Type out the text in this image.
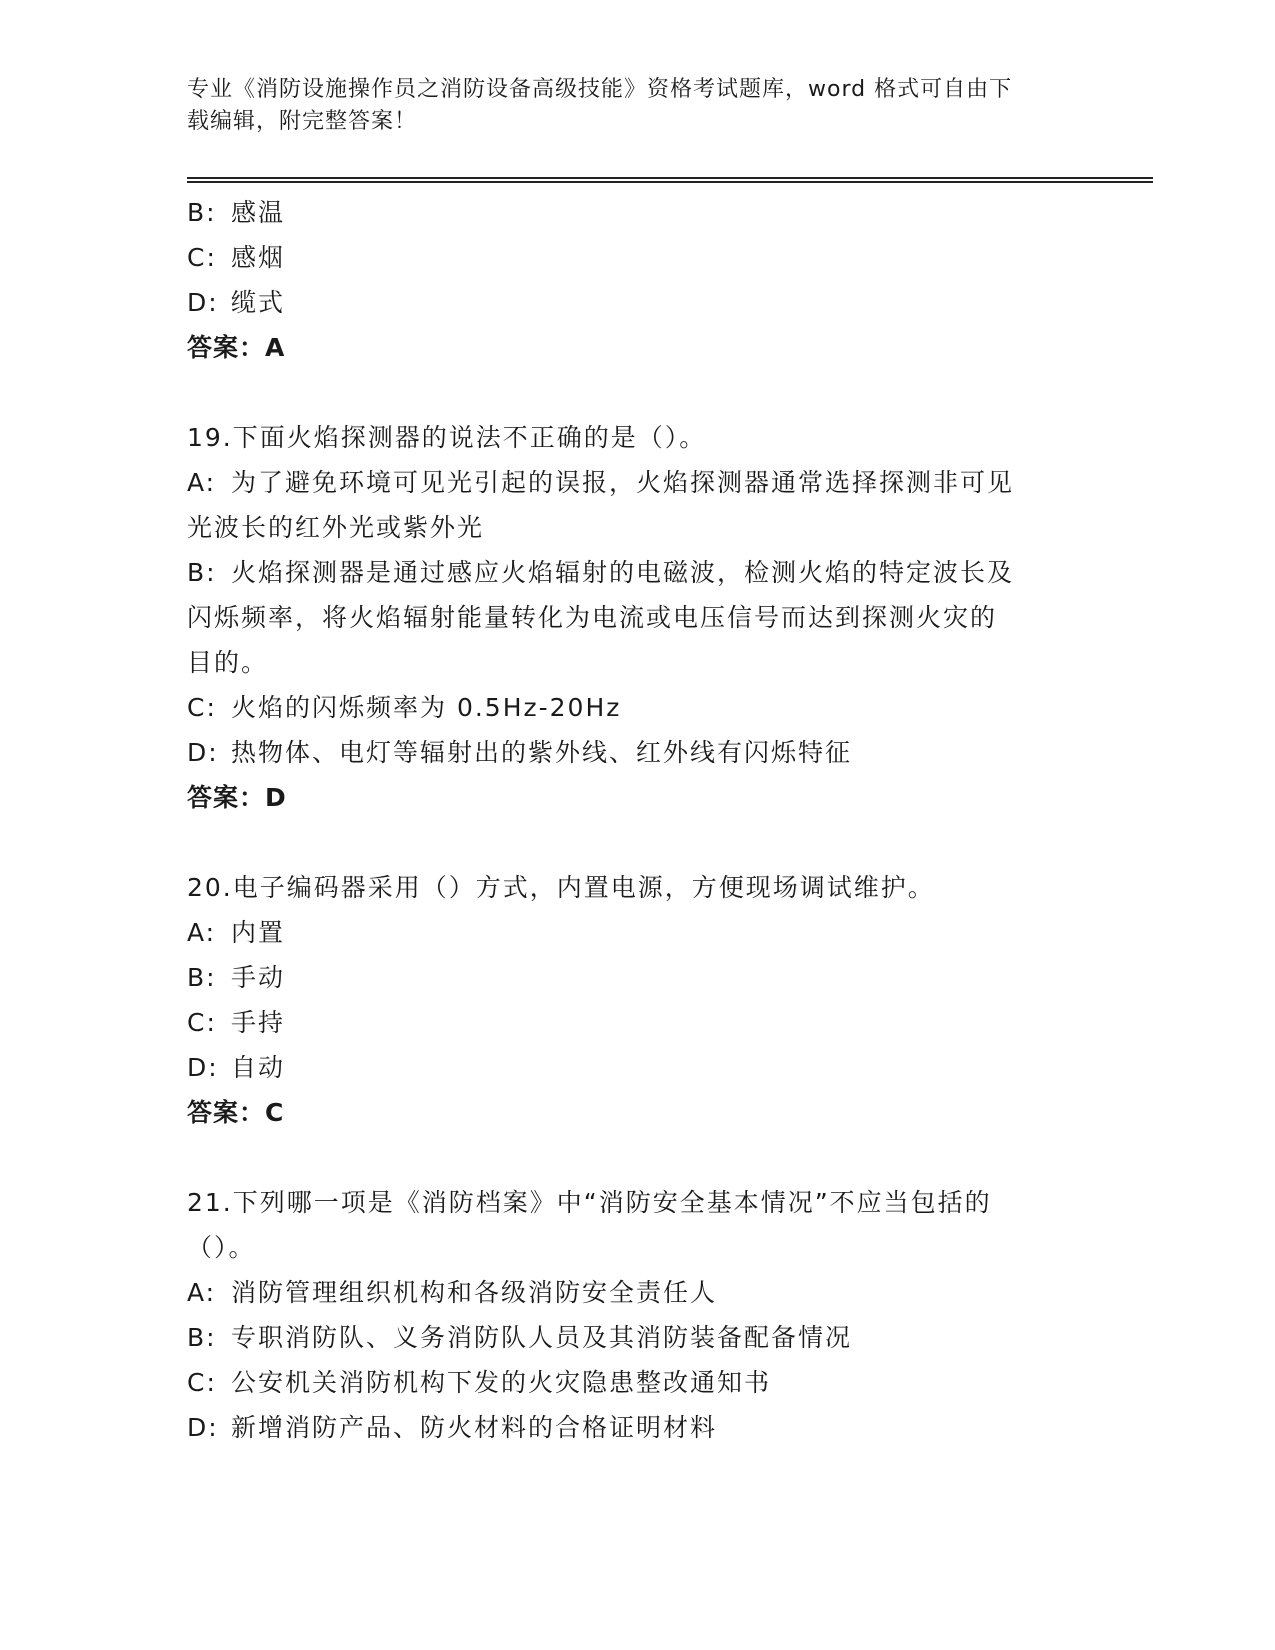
专业《消防设施操作员之消防设备高级技能》资格考试题库，word 格式可自由下
载编辑，附完整答案！
B: 感温
C: 感烟
D: 缆式
答案：A
19.下面火焰探测器的说法不正确的是（）。
A: 为了避免环境可见光引起的误报，火焰探测器通常选择探测非可见
光波长的红外光或紫外光
B: 火焰探测器是通过感应火焰辐射的电磁波，检测火焰的特定波长及
闪烁频率，将火焰辐射能量转化为电流或电压信号而达到探测火灾的
目的。
C: 火焰的闪烁频率为 0.5Hz-20Hz
D: 热物体、电灯等辐射出的紫外线、红外线有闪烁特征
答案：D
20.电子编码器采用（）方式，内置电源，方便现场调试维护。
A: 内置
B: 手动
C: 手持
D: 自动
答案：C
21.下列哪一项是《消防档案》中“消防安全基本情况”不应当包括的
（）。
A: 消防管理组织机构和各级消防安全责任人
B: 专职消防队、义务消防队人员及其消防装备配备情况
C: 公安机关消防机构下发的火灾隐患整改通知书
D: 新增消防产品、防火材料的合格证明材料
